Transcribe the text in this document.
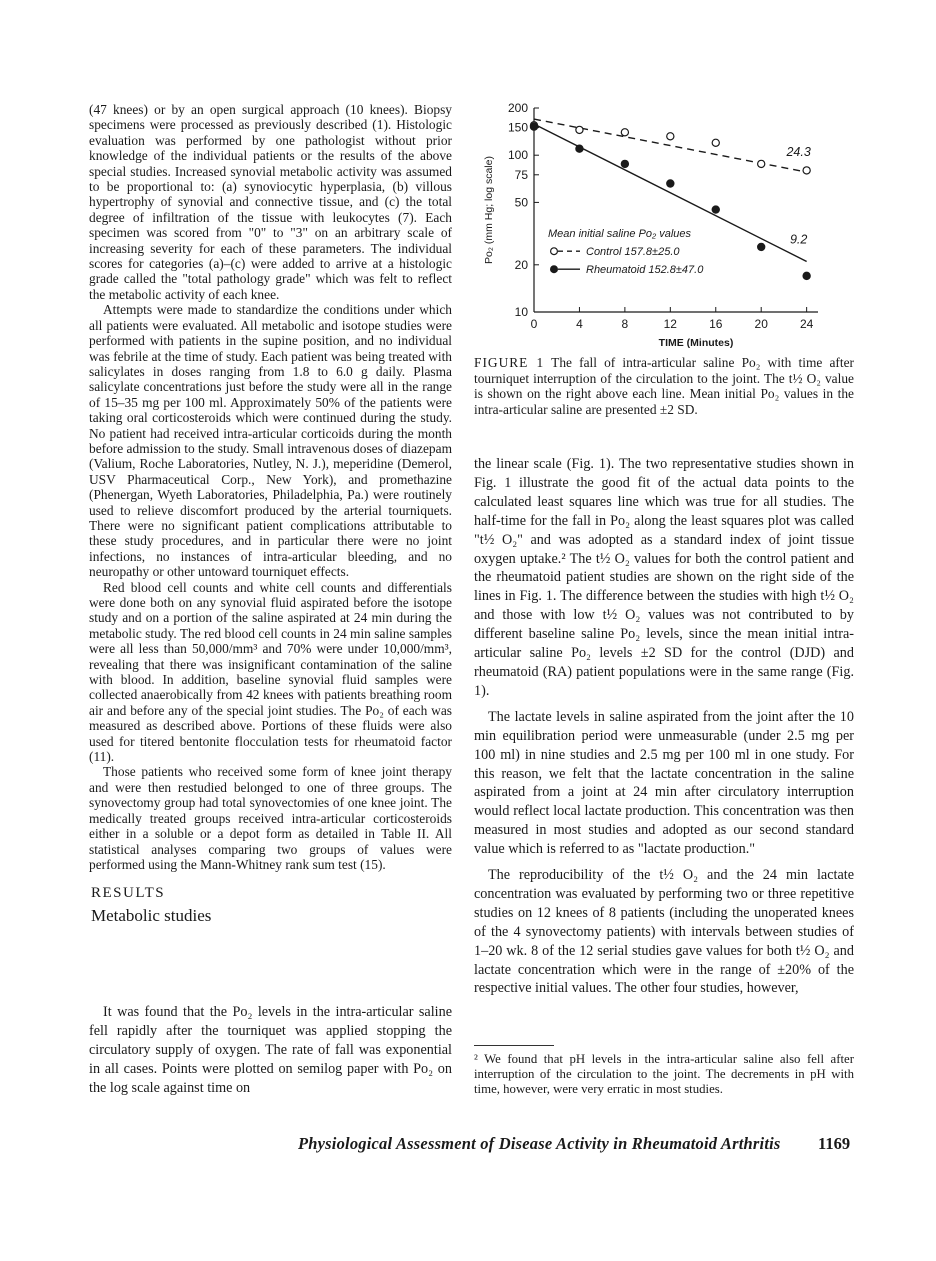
(47 knees) or by an open surgical approach (10 knees). Biopsy specimens were processed as previously described (1). Histologic evaluation was performed by one pathologist without prior knowledge of the individual patients or the results of the above special studies. Increased synovial metabolic activity was assumed to be proportional to: (a) synoviocytic hyperplasia, (b) villous hypertrophy of synovial and connective tissue, and (c) the total degree of infiltration of the tissue with leukocytes (7). Each specimen was scored from "0" to "3" on an arbitrary scale of increasing severity for each of these parameters. The individual scores for categories (a)–(c) were added to arrive at a histologic grade called the "total pathology grade" which was felt to reflect the metabolic activity of each knee.

Attempts were made to standardize the conditions under which all patients were evaluated. All metabolic and isotope studies were performed with patients in the supine position, and no individual was febrile at the time of study. Each patient was being treated with salicylates in doses ranging from 1.8 to 6.0 g daily. Plasma salicylate concentrations just before the study were all in the range of 15–35 mg per 100 ml. Approximately 50% of the patients were taking oral corticosteroids which were continued during the study. No patient had received intra-articular corticoids during the month before admission to the study. Small intravenous doses of diazepam (Valium, Roche Laboratories, Nutley, N. J.), meperidine (Demerol, USV Pharmaceutical Corp., New York), and promethazine (Phenergan, Wyeth Laboratories, Philadelphia, Pa.) were routinely used to relieve discomfort produced by the arterial tourniquets. There were no significant patient complications attributable to these study procedures, and in particular there were no joint infections, no instances of intra-articular bleeding, and no neuropathy or other untoward tourniquet effects.

Red blood cell counts and white cell counts and differentials were done both on any synovial fluid aspirated before the isotope study and on a portion of the saline aspirated at 24 min during the metabolic study. The red blood cell counts in 24 min saline samples were all less than 50,000/mm³ and 70% were under 10,000/mm³, revealing that there was insignificant contamination of the saline with blood. In addition, baseline synovial fluid samples were collected anaerobically from 42 knees with patients breathing room air and before any of the special joint studies. The Po₂ of each was measured as described above. Portions of these fluids were also used for titered bentonite flocculation tests for rheumatoid factor (11).

Those patients who received some form of knee joint therapy and were then restudied belonged to one of three groups. The synovectomy group had total synovectomies of one knee joint. The medically treated groups received intra-articular corticosteroids either in a soluble or a depot form as detailed in Table II. All statistical analyses comparing two groups of values were performed using the Mann-Whitney rank sum test (15).

RESULTS
Metabolic studies

It was found that the Po₂ levels in the intra-articular saline fell rapidly after the tourniquet was applied stopping the circulatory supply of oxygen. The rate of fall was exponential in all cases. Points were plotted on semilog paper with Po₂ on the log scale against time on

10
20
50
75
100
150
200
0	4	8	12	16	20	24
TIME (Minutes)
Po₂ (mm Hg; log scale)
24.3
9.2
Mean initial saline Po₂ values
Control 157.8±25.0
Rheumatoid 152.8±47.0
FIGURE 1 The fall of intra-articular saline Po₂ with time after tourniquet interruption of the circulation to the joint. The t½ O₂ value is shown on the right above each line. Mean initial Po₂ values in the intra-articular saline are presented ±2 SD.

the linear scale (Fig. 1). The two representative studies shown in Fig. 1 illustrate the good fit of the actual data points to the calculated least squares line which was true for all studies. The half-time for the fall in Po₂ along the least squares plot was called "t½ O₂" and was adopted as a standard index of joint tissue oxygen uptake.² The t½ O₂ values for both the control patient and the rheumatoid patient studies are shown on the right side of the lines in Fig. 1. The difference between the studies with high t½ O₂ and those with low t½ O₂ values was not contributed to by different baseline saline Po₂ levels, since the mean initial intra-articular saline Po₂ levels ±2 SD for the control (DJD) and rheumatoid (RA) patient populations were in the same range (Fig. 1).

The lactate levels in saline aspirated from the joint after the 10 min equilibration period were unmeasurable (under 2.5 mg per 100 ml) in nine studies and 2.5 mg per 100 ml in one study. For this reason, we felt that the lactate concentration in the saline aspirated from a joint at 24 min after circulatory interruption would reflect local lactate production. This concentration was then measured in most studies and adopted as our second standard value which is referred to as "lactate production."

The reproducibility of the t½ O₂ and the 24 min lactate concentration was evaluated by performing two or three repetitive studies on 12 knees of 8 patients (including the unoperated knees of the 4 synovectomy patients) with intervals between studies of 1–20 wk. 8 of the 12 serial studies gave values for both t½ O₂ and lactate concentration which were in the range of ±20% of the respective initial values. The other four studies, however,

² We found that pH levels in the intra-articular saline also fell after interruption of the circulation to the joint. The decrements in pH with time, however, were very erratic in most studies.
Physiological Assessment of Disease Activity in Rheumatoid Arthritis 1169
